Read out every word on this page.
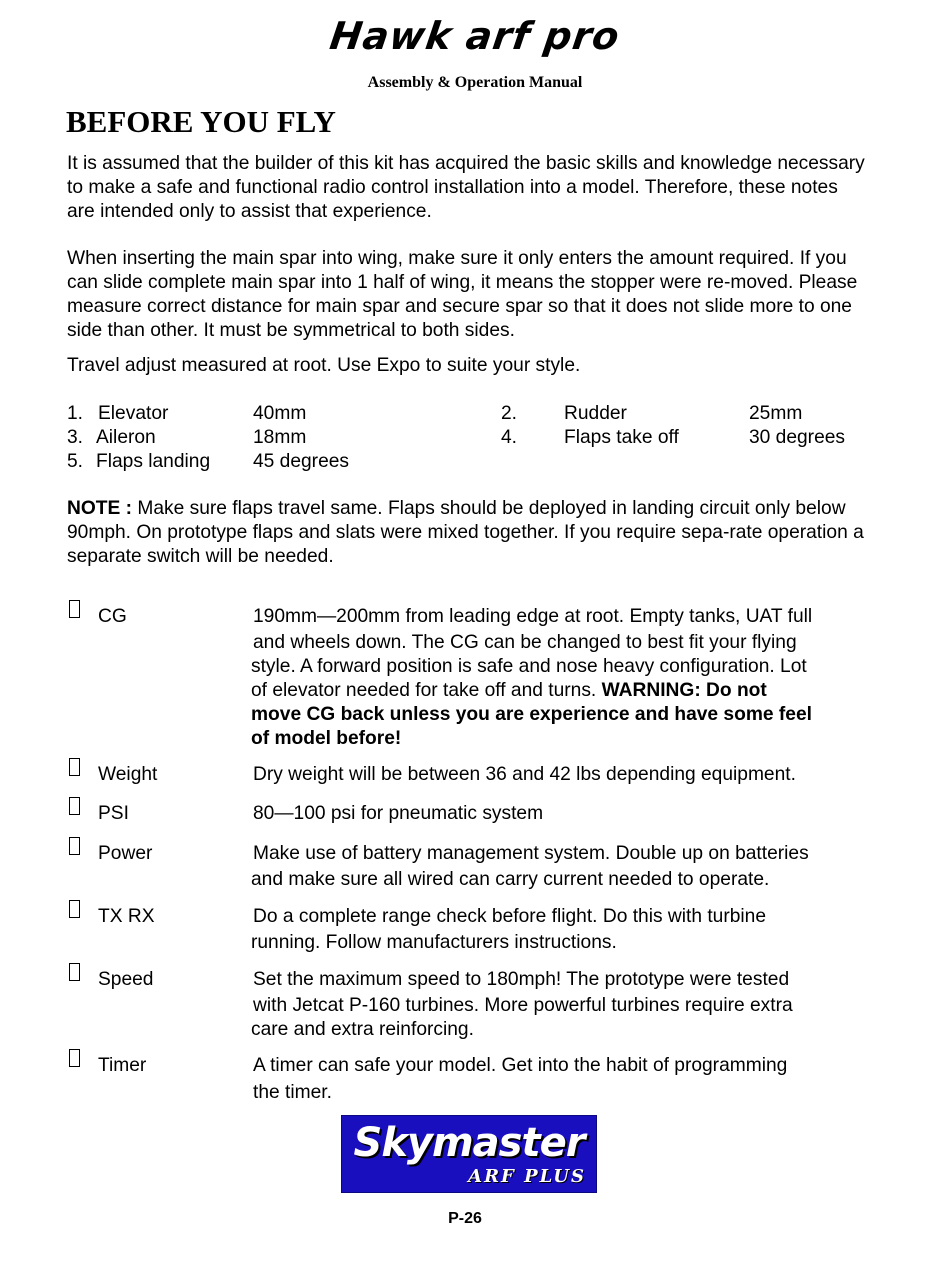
Hawk arf pro
Assembly & Operation Manual
BEFORE YOU FLY
It is assumed that the builder of this kit has acquired the basic skills and knowledge necessary to make a safe and functional radio control installation into a model. Therefore, these notes are intended only to assist that experience.
When inserting the main spar into wing, make sure it only enters the amount required. If you can slide complete main spar into 1 half of wing, it means the stopper were re-moved. Please measure correct distance for main spar and secure spar so that it does not slide more to one side than other. It must be symmetrical to both sides.
Travel adjust measured at root. Use Expo to suite your style.
1. Elevator	40mm	2. Rudder	25mm
3. Aileron	18mm	4. Flaps take off	30 degrees
5. Flaps landing 45 degrees
NOTE : Make sure flaps travel same. Flaps should be deployed in landing circuit only below 90mph. On prototype flaps and slats were mixed together. If you require sepa-rate operation a separate switch will be needed.
CG	190mm—200mm from leading edge at root. Empty tanks, UAT full
and wheels down. The CG can be changed to best fit your flying
style. A forward position is safe and nose heavy configuration. Lot
of elevator needed for take off and turns. WARNING: Do not
move CG back unless you are experience and have some feel
of model before!
Weight	Dry weight will be between 36 and 42 lbs depending equipment.
PSI	80—100 psi for pneumatic system
Power	Make use of battery management system. Double up on batteries
and make sure all wired can carry current needed to operate.
TX RX	Do a complete range check before flight. Do this with turbine
running. Follow manufacturers instructions.
Speed	Set the maximum speed to 180mph! The prototype were tested
with Jetcat P-160 turbines. More powerful turbines require extra
care and extra reinforcing.
Timer	A timer can safe your model. Get into the habit of programming
the timer.
Skymaster
ARF PLUS
P-26
